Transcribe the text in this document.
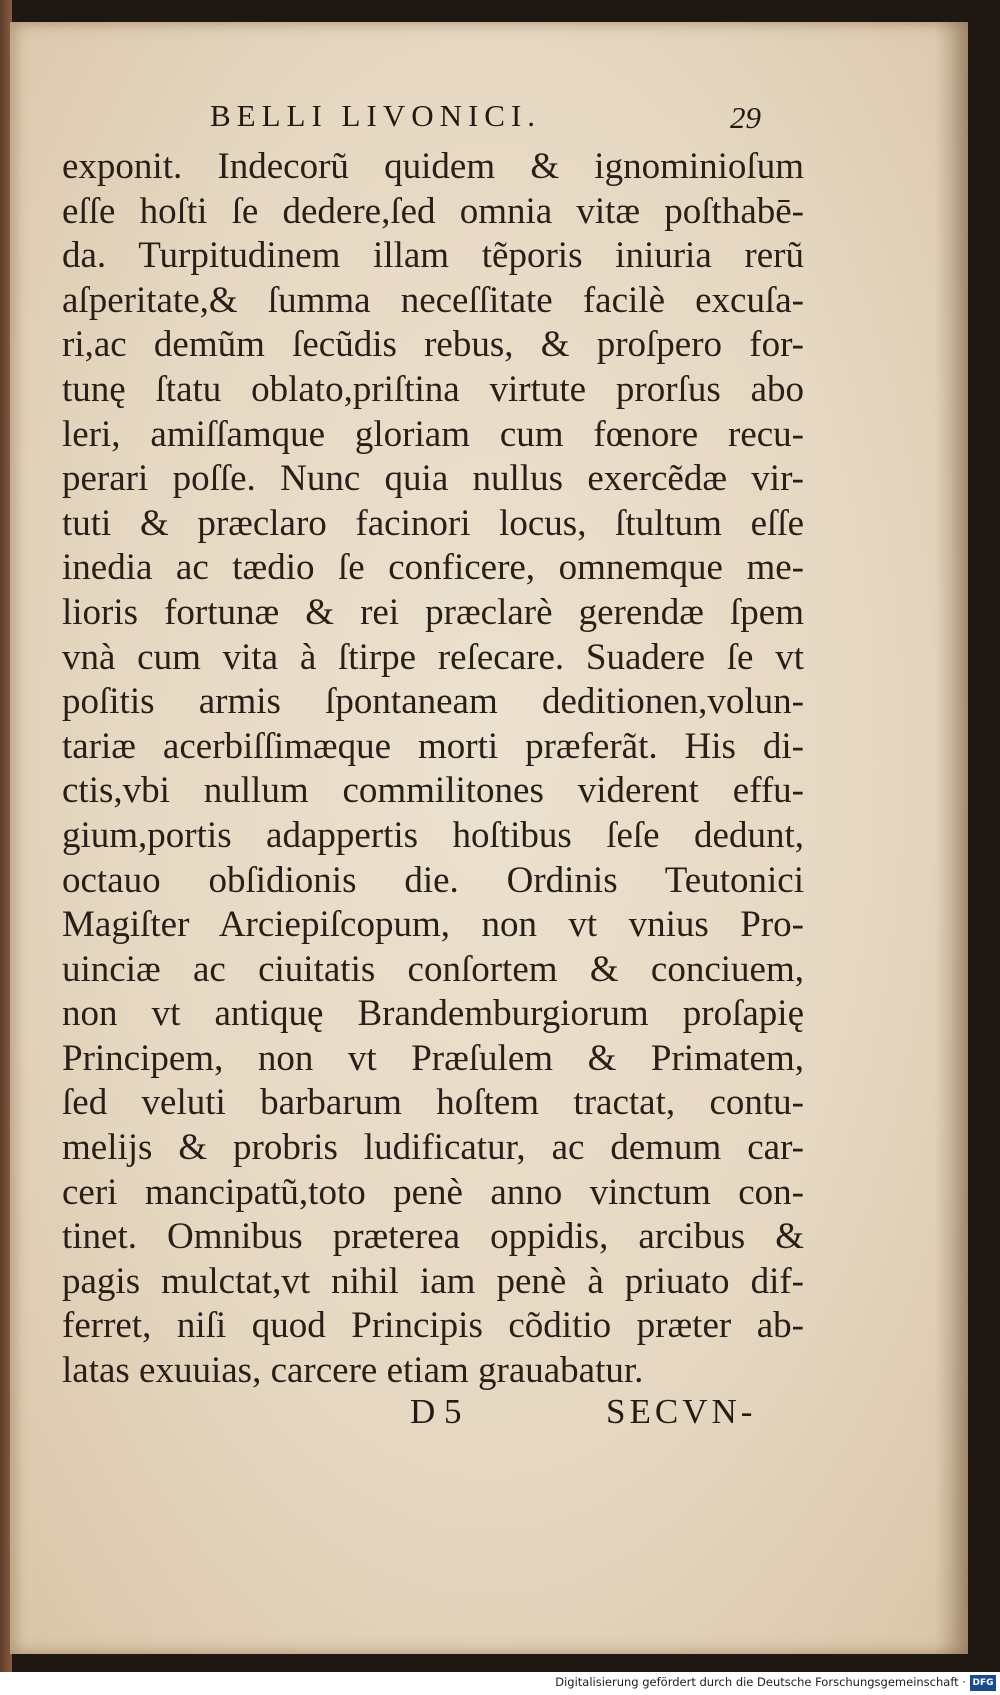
BELLI LIVONICI.	29
exponit. Indecorũ quidem & ignominioſum
eſſe hoſti ſe dedere,ſed omnia vitæ poſthabē-
da. Turpitudinem illam tẽporis iniuria rerũ
aſperitate,& ſumma neceſſitate facilè excuſa-
ri,ac demũm ſecũdis rebus, & proſpero for-
tunę ſtatu oblato,priſtina virtute prorſus abo
leri, amiſſamque gloriam cum fœnore recu-
perari poſſe. Nunc quia nullus exercẽdæ vir-
tuti & præclaro facinori locus, ſtultum eſſe
inedia ac tædio ſe conficere, omnemque me-
lioris fortunæ & rei præclarè gerendæ ſpem
vnà cum vita à ſtirpe reſecare. Suadere ſe vt
poſitis armis ſpontaneam deditionen,volun-
tariæ acerbiſſimæque morti præferãt. His di-
ctis,vbi nullum commilitones viderent effu-
gium,portis adappertis hoſtibus ſeſe dedunt,
octauo obſidionis die. Ordinis Teutonici
Magiſter Arciepiſcopum, non vt vnius Pro-
uinciæ ac ciuitatis conſortem & conciuem,
non vt antiquę Brandemburgiorum proſapię
Principem, non vt Præſulem & Primatem,
ſed veluti barbarum hoſtem tractat, contu-
melijs & probris ludificatur, ac demum car-
ceri mancipatũ,toto penè anno vinctum con-
tinet. Omnibus præterea oppidis, arcibus &
pagis mulctat,vt nihil iam penè à priuato dif-
ferret, niſi quod Principis cõditio præter ab-
latas exuuias, carcere etiam grauabatur.
D 5	SECVN-
Digitalisierung gefördert durch die Deutsche Forschungsgemeinschaft · DFG
